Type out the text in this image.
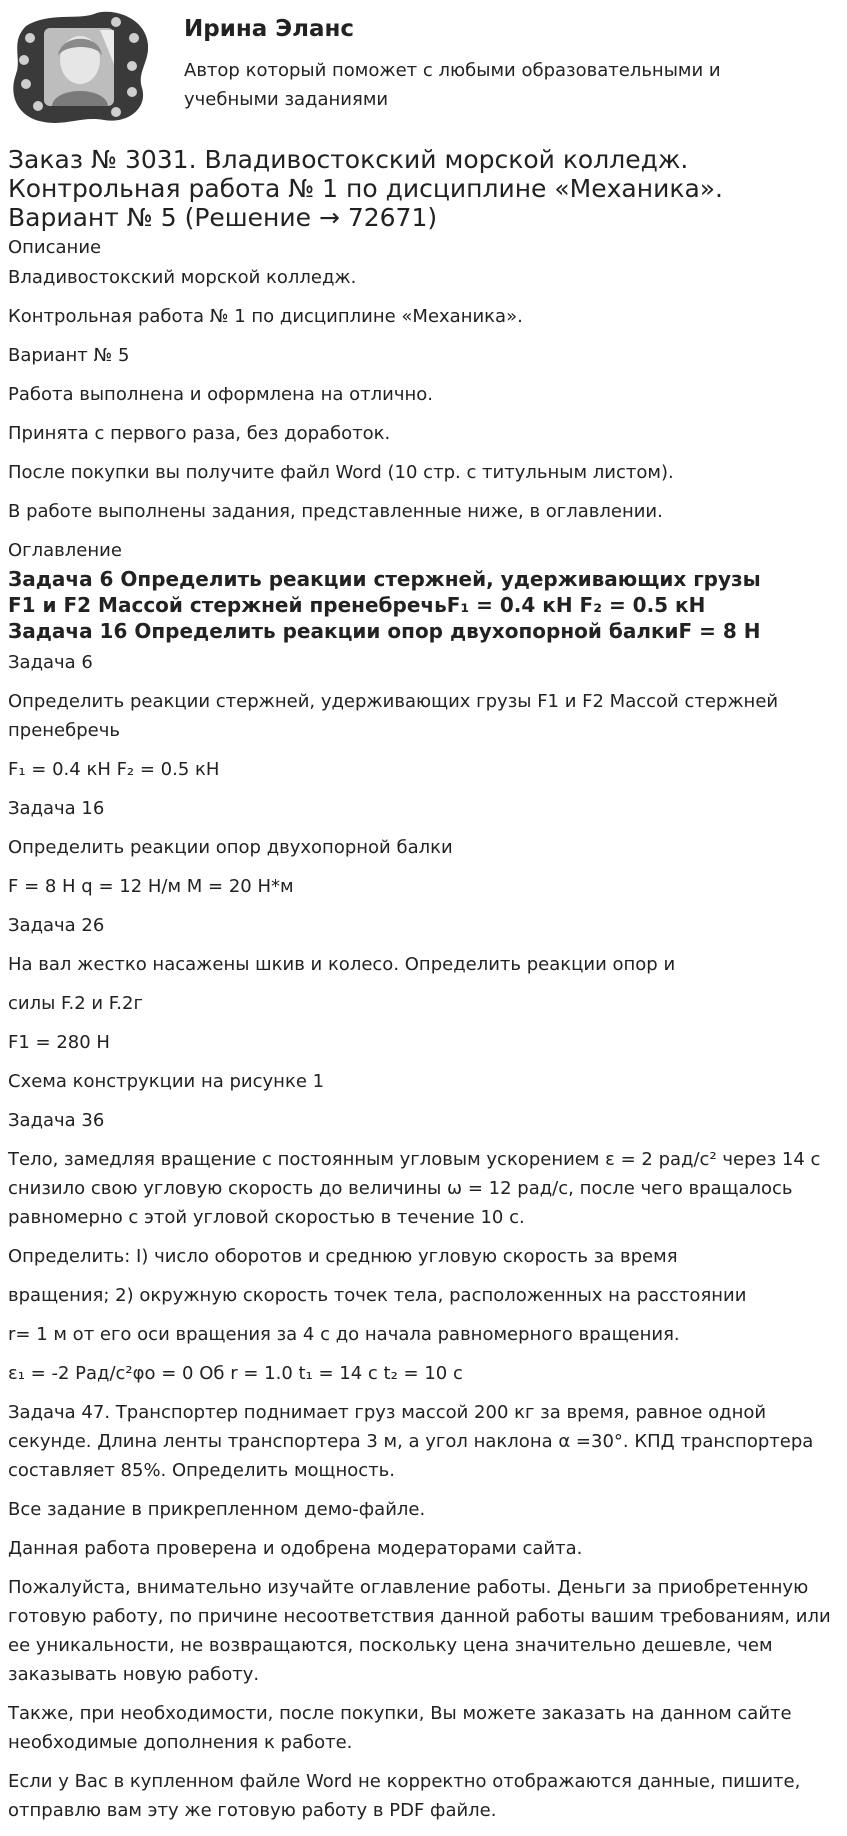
Ирина Эланс
Автор который поможет с любыми образовательными и учебными заданиями
Заказ № 3031. Владивостокский морской колледж. Контрольная работа № 1 по дисциплине «Механика». Вариант № 5 (Решение → 72671)
Описание

Владивостокский морской колледж.

Контрольная работа № 1 по дисциплине «Механика».

Вариант № 5

Работа выполнена и оформлена на отлично.

Принята с первого раза, без доработок.

После покупки вы получите файл Word (10 стр. с титульным листом).

В работе выполнены задания, представленные ниже, в оглавлении.

Оглавление
Задача 6 Определить реакции стержней, удерживающих грузы
F1 и F2 Массой стержней пренебречьF₁ = 0.4 кН F₂ = 0.5 кН
Задача 16 Определить реакции опор двухопорной балкиF = 8 Н

Задача 6

Определить реакции стержней, удерживающих грузы F1 и F2 Массой стержней пренебречь

F₁ = 0.4 кН F₂ = 0.5 кН

Задача 16

Определить реакции опор двухопорной балки

F = 8 Н q = 12 Н/м M = 20 Н*м

Задача 26

На вал жестко насажены шкив и колесо. Определить реакции опор и

силы F.2 и F.2г

F1 = 280 Н

Схема конструкции на рисунке 1

Задача 36

Тело, замедляя вращение с постоянным угловым ускорением ε = 2 рад/с² через 14 с снизило свою угловую скорость до величины ω = 12 рад/с, после чего вращалось равномерно с этой угловой скоростью в течение 10 с.

Определить: I) число оборотов и среднюю угловую скорость за время

вращения; 2) окружную скорость точек тела, расположенных на расстоянии

r= 1 м от его оси вращения за 4 с до начала равномерного вращения.

ε₁ = -2 Рад/с²φо = 0 Об r = 1.0 t₁ = 14 с t₂ = 10 с

Задача 47. Транспортер поднимает груз массой 200 кг за время, равное одной секунде. Длина ленты транспортера 3 м, а угол наклона α =30°. КПД транспортера составляет 85%. Определить мощность.

Все задание в прикрепленном демо-файле.

Данная работа проверена и одобрена модераторами сайта.

Пожалуйста, внимательно изучайте оглавление работы. Деньги за приобретенную готовую работу, по причине несоответствия данной работы вашим требованиям, или ее уникальности, не возвращаются, поскольку цена значительно дешевле, чем заказывать новую работу.

Также, при необходимости, после покупки, Вы можете заказать на данном сайте необходимые дополнения к работе.

Если у Вас в купленном файле Word не корректно отображаются данные, пишите, отправлю вам эту же готовую работу в PDF файле.
